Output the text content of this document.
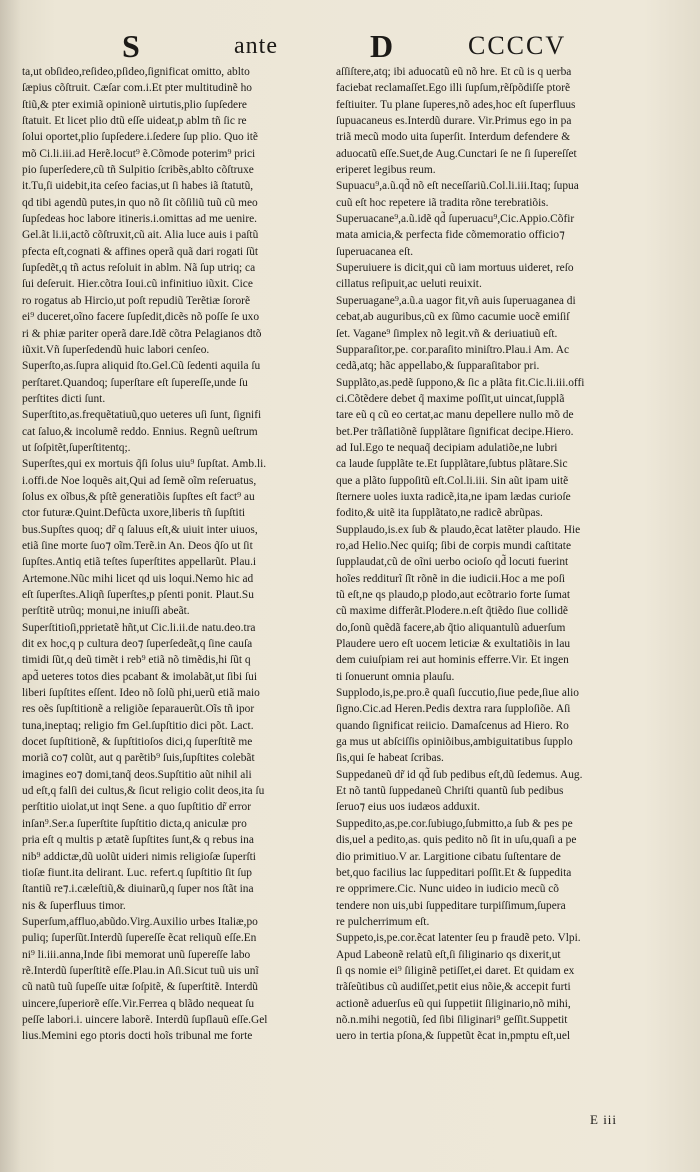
S	ante	D	CCCCV
ta,ut obſideo,reſideo,pſideo,ſignificat omitto, ablto
ſæpius cõſtruit. Cæſar com.i.Et pter multitudinẽ ho
ſtiũ,& pter eximiã opinionẽ uirtutis,plio ſupſedere
ſtatuit. Et licet plio dtũ eſſe uideat,p ablm tñ ſic re
ſolui oportet,plio ſupſedere.i.ſedere ſup plio. Quo itẽ
mõ Ci.li.iii.ad Herẽ.locut⁹ ẽ.Cõmode poterim⁹ prici
pio ſuperſedere,cũ tñ Sulpitio ſcribẽs,ablto cõſtruxe
it.Tu,ſi uidebit,ita ceſeo facias,ut ſi habes iã ſtatutũ,
qd tibi agendũ putes,in quo nõ ſit cõſiliũ tuũ cũ meo
ſupſedeas hoc labore itineris.i.omittas ad me uenire.
Gel.ãt li.ii,actõ cõſtruxit,cũ ait. Alia luce auis i paſtũ
pfecta eſt,cognati & affines operã quã dari rogati ſũt
ſupſedẽt,q tñ actus reſoluit in ablm. Nã ſup utriq; ca
ſui deſeruit. Hier.cõtra Ioui.cũ infinitiuo iũxit. Cice
ro rogatus ab Hircio,ut poſt repudiũ Terẽtiæ ſororẽ
ei⁹ duceret,oĩno facere ſupſedit,dicẽs nõ poſſe ſe uxo
ri & phiæ pariter operã dare.Idẽ cõtra Pelagianos dtõ
iũxit.Vñ ſuperſedendũ huic labori cenſeo.
Superſto,as.ſupra aliquid ſto.Gel.Cũ ſedenti aquila ſu
perſtaret.Quandoq; ſuperſtare eſt ſupereſſe,unde ſu
perſtites dicti ſunt.
Superſtito,as.frequẽtatiuũ,quo ueteres uſi ſunt, ſignifi
cat ſaluo,& incolumẽ reddo. Ennius. Regnũ ueſtrum
ut ſoſpitẽt,ſuperſtitentq;.
Superſtes,qui ex mortuis q̃ſi ſolus uiu⁹ ſupſtat. Amb.li.
i.offi.de Noe loquẽs ait,Qui ad ſemẽ oĩm reſeruatus,
ſolus ex oĩbus,& pſtẽ generatiõis ſupſtes eſt fact⁹ au
ctor futuræ.Quint.Defũcta uxore,liberis tñ ſupſtiti
bus.Supſtes quoq; dr̃ q ſaluus eſt,& uiuit inter uiuos,
etiã ſine morte ſuo⁊ oĩm.Terẽ.in An. Deos q̃ſo ut ſit
ſupſtes.Antiq etiã teſtes ſuperſtites appellarũt. Plau.i
Artemone.Nũc mihi licet qd uis loqui.Nemo hic ad
eſt ſuperſtes.Aliqñ ſuperſtes,p pſenti ponit. Plaut.Su
perſtitẽ utrũq; monui,ne iniuſſi abeãt.
Superſtitioſi,pprietatẽ hñt,ut Cic.li.ii.de natu.deo.tra
dit ex hoc,q p cultura deo⁊ ſuperſedeãt,q ſine cauſa
timidi ſũt,q deũ timẽt i reb⁹ etiã nõ timẽdis,hi ſũt q
apd̃ ueteres totos dies pcabant & imolabãt,ut ſibi ſui
liberi ſupſtites eſſent. Ideo nõ ſolũ phi,uerũ etiã maio
res oẽs ſupſtitionẽ a religiõe ſeparauerũt.Oĩs tñ ipor
tuna,ineptaq; religio fm Gel.ſupſtitio dici põt. Lact.
docet ſupſtitionẽ, & ſupſtitioſos dici,q ſuperſtitẽ me
moriã co⁊ colũt, aut q parẽtib⁹ ſuis,ſupſtites colebãt
imagines eo⁊ domi,tanq̃ deos.Supſtitio aũt nihil ali
ud eſt,q falſi dei cultus,& ſicut religio colit deos,ita ſu
perſtitio uiolat,ut inqt Sene. a quo ſupſtitio dr̃ error
inſan⁹.Ser.a ſuperſtite ſupſtitio dicta,q aniculæ pro
pria eſt q multis p ætatẽ ſupſtites ſunt,& q rebus ina
nib⁹ addictæ,dũ uolũt uideri nimis religioſæ ſuperſti
tioſæ fiunt.ita delirant. Luc. refert.q ſupſtitio ſit ſup
ſtantiũ re⁊.i.cæleſtiũ,& diuinarũ,q ſuper nos ſtãt ina
nis & ſuperfluus timor.
Superſum,affluo,abũdo.Virg.Auxilio urbes Italiæ,po
puliq; ſuperſũt.Interdũ ſupereſſe ẽcat reliquũ eſſe.En
ni⁹ li.iii.anna,Inde ſibi memorat unũ ſupereſſe labo
rẽ.Interdũ ſuperſtitẽ eſſe.Plau.in Aſi.Sicut tuũ uis unĩ
cũ natũ tuũ ſupeſſe uitæ ſoſpitẽ, & ſuperſtitẽ. Interdũ
uincere,ſuperiorẽ eſſe.Vir.Ferrea q blãdo nequeat ſu
peſſe labori.i. uincere laborẽ. Interdũ ſupſlauũ eſſe.Gel
lius.Memini ego ptoris docti hoĩs tribunal me forte
aſſiſtere,atq; ibi aduocatũ eũ nõ hre. Et cũ is q uerba
faciebat reclamaſſet.Ego illi ſupſum,rẽſpõdiſſe ptorẽ
feſtiuiter. Tu plane ſuperes,nõ ades,hoc eſt ſuperfluus
ſupuacaneus es.Interdũ durare. Vir.Primus ego in pa
triã mecũ modo uita ſuperſit. Interdum defendere &
aduocatũ eſſe.Suet,de Aug.Cunctari ſe ne ſi ſupereſſet
eriperet legibus reum.
Supuacu⁹,a.ũ.qd̃ nõ eſt neceſſariũ.Col.li.iii.Itaq; ſupua
cuũ eſt hoc repetere iã tradita rõne terebratiõis.
Superuacane⁹,a.ũ.idẽ qd̃ ſuperuacu⁹,Cic.Appio.Cõfir
mata amicia,& perfecta fide cõmemoratio officio⁊
ſuperuacanea eſt.
Superuiuere is dicit,qui cũ iam mortuus uideret, reſo
cillatus reſipuit,ac ueluti reuixit.
Superuagane⁹,a.ũ.a uagor fit,vñ auis ſuperuaganea di
cebat,ab auguribus,cũ ex ſũmo cacumie uocẽ emiſiſ
ſet. Vagane⁹ ſimplex nõ legit.vñ & deriuatiuũ eſt.
Supparaſitor,pe. cor.paraſito miniſtro.Plau.i Am. Ac
cedã,atq; hãc appellabo,& ſupparaſitabor pri.
Supplãto,as.pedẽ ſuppono,& ſic a plãta fit.Cic.li.iii.offi
ci.Cõtẽdere debet q̃ maxime poſſit,ut uincat,ſupplã
tare eũ q cũ eo certat,ac manu depellere nullo mõ de
bet.Per trãſlatiõnẽ ſupplãtare ſignificat decipe.Hiero.
ad Iul.Ego te nequaq̃ decipiam adulatiõe,ne lubri
ca laude ſupplãte te.Et ſupplãtare,ſubtus plãtare.Sic
que a plãto ſuppoſitũ eſt.Col.li.iii. Sin aũt ipam uitẽ
ſternere uoles iuxta radicẽ,ita,ne ipam lædas curioſe
fodito,& uitẽ ita ſupplãtato,ne radicẽ abrũpas.
Supplaudo,is.ex ſub & plaudo,ẽcat latẽter plaudo. Hie
ro,ad Helio.Nec quiſq; ſibi de corpis mundi caſtitate
ſupplaudat,cũ de oĩni uerbo ocioſo qd̃ locuti fuerint
hoĩes redditurĩ ſĩt rõnẽ in die iudicii.Hoc a me poſi
tũ eſt,ne qs plaudo,p plodo,aut ecõtrario forte ſumat
cũ maxime differãt.Plodere.n.eſt q̃tiẽdo ſiue collidẽ
do,ſonũ quẽdã facere,ab q̃tio aliquantulũ aduerſum
Plaudere uero eſt uocem leticiæ & exultatiõis in lau
dem cuiuſpiam rei aut hominis efferre.Vir. Et ingen
ti ſonuerunt omnia plauſu.
Supplodo,is,pe.pro.ẽ quaſi ſuccutio,ſiue pede,ſiue alio
ſigno.Cic.ad Heren.Pedis dextra rara ſupploſiõe. Aſi
quando ſignificat reiicio. Damaſcenus ad Hiero. Ro
ga mus ut abſciſſis opiniõibus,ambiguitatibus ſupplo
ſis,qui ſe habeat ſcribas.
Suppedaneũ dr̃ id qd̃ ſub pedibus eſt,dũ ſedemus. Aug.
Et nõ tantũ ſuppedaneũ Chriſti quantũ ſub pedibus
ſeruo⁊ eius uos iudæos adduxit.
Suppedito,as,pe.cor.ſubiugo,ſubmitto,a ſub & pes pe
dis,uel a pedito,as. quis pedito nõ ſit in uſu,quaſi a pe
dio primitiuo.V ar. Largitione cibatu ſuſtentare de
bet,quo facilius lac ſuppeditari poſſit.Et & ſuppedita
re opprimere.Cic. Nunc uideo in iudicio mecũ cõ
tendere non uis,ubi ſuppeditare turpiſſimum,ſupera
re pulcherrimum eſt.
Suppeto,is,pe.cor.ẽcat latenter ſeu p fraudẽ peto. Vlpi.
Apud Labeonẽ relatũ eſt,ſi ſiliginario qs dixerit,ut
ſi qs nomie ei⁹ ſiliginẽ petiſſet,ei daret. Et quidam ex
trãſeũtibus cũ audiſſet,petit eius nõie,& accepit furti
actionẽ aduerſus eũ qui ſuppetiit ſiliginario,nõ mihi,
nõ.n.mihi negotiũ, ſed ſibi ſiliginari⁹ geſſit.Suppetit
uero in tertia pſona,& ſuppetũt ẽcat in,pmptu eſt,uel
E iii
